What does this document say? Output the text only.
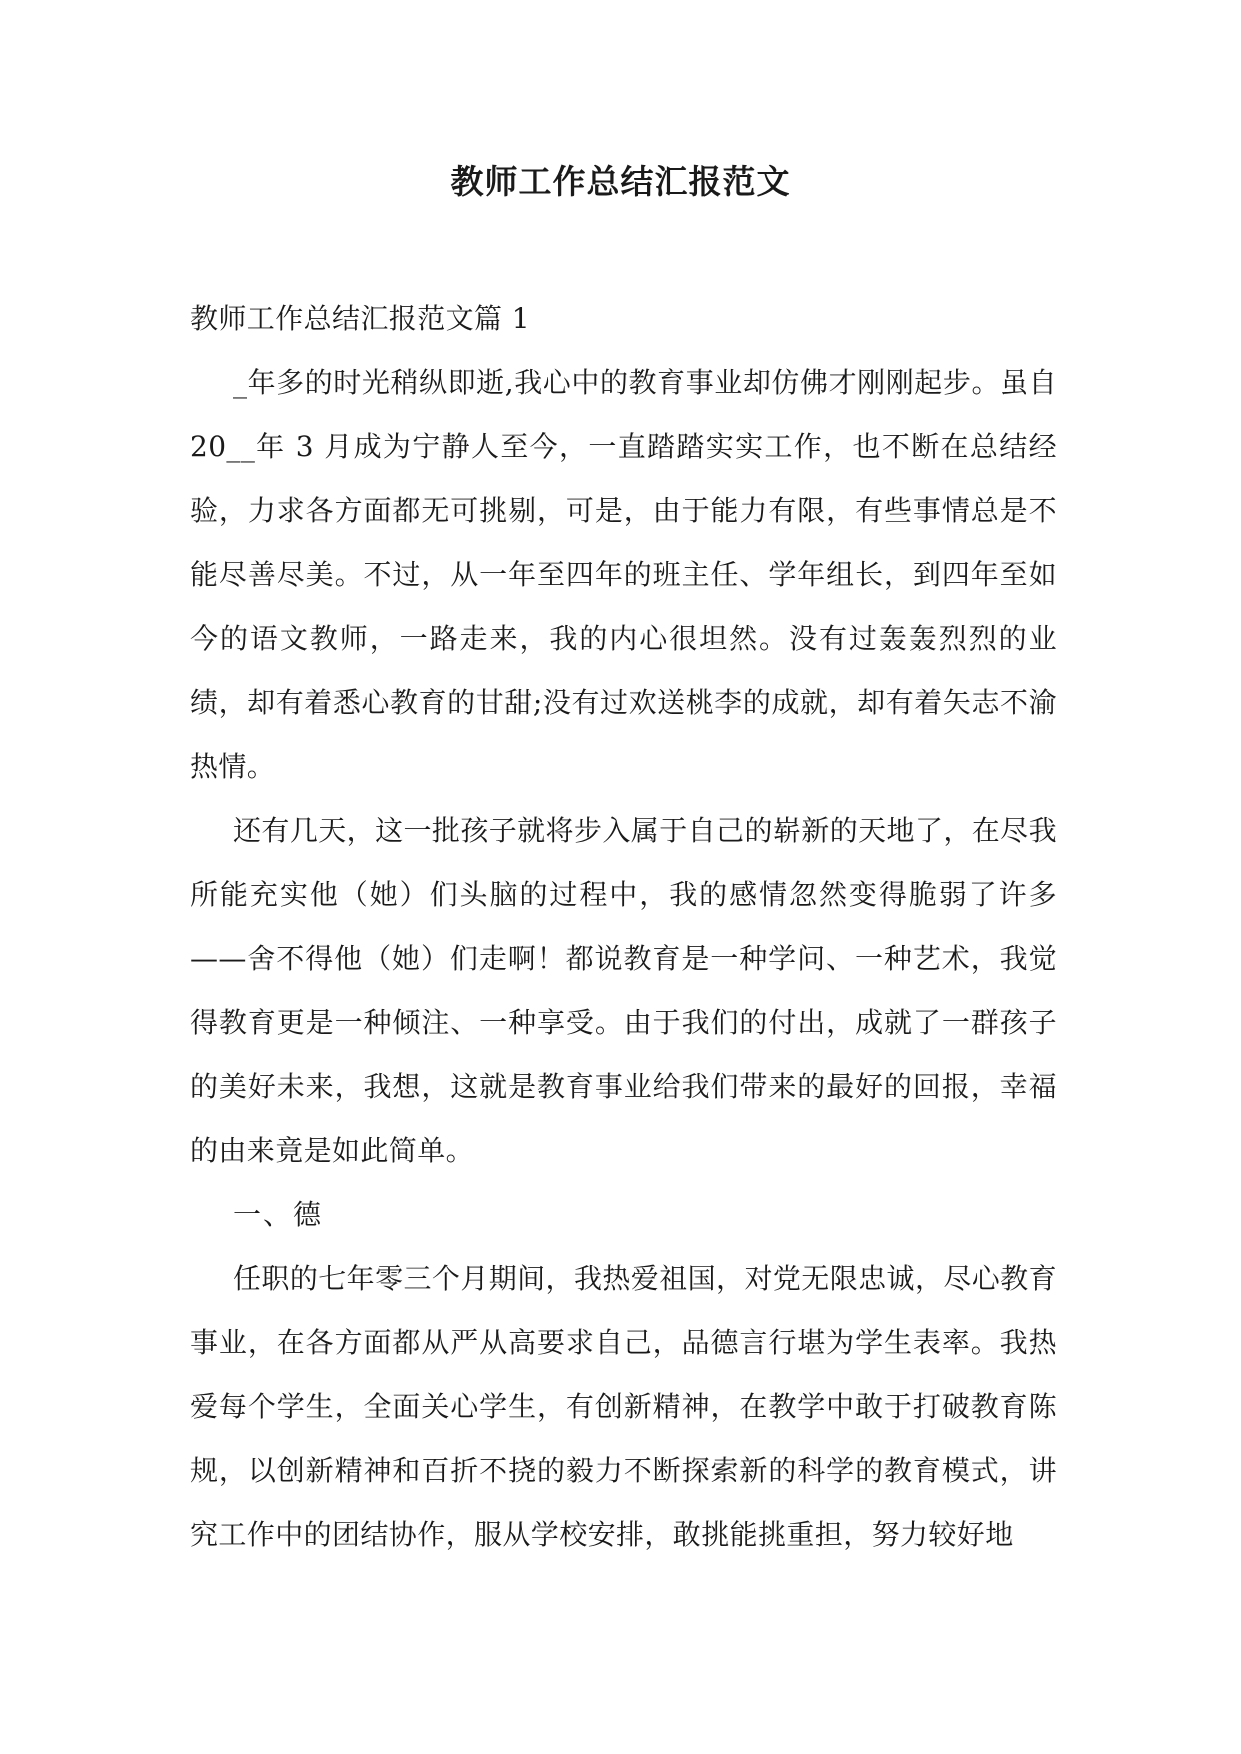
教师工作总结汇报范文

教师工作总结汇报范文篇 1

_年多的时光稍纵即逝,我心中的教育事业却仿佛才刚刚起步。虽自 20__年 3 月成为宁静人至今，一直踏踏实实工作，也不断在总结经验，力求各方面都无可挑剔，可是，由于能力有限，有些事情总是不能尽善尽美。不过，从一年至四年的班主任、学年组长，到四年至如今的语文教师，一路走来，我的内心很坦然。没有过轰轰烈烈的业绩，却有着悉心教育的甘甜;没有过欢送桃李的成就，却有着矢志不渝热情。

还有几天，这一批孩子就将步入属于自己的崭新的天地了，在尽我所能充实他（她）们头脑的过程中，我的感情忽然变得脆弱了许多——舍不得他（她）们走啊！都说教育是一种学问、一种艺术，我觉得教育更是一种倾注、一种享受。由于我们的付出，成就了一群孩子的美好未来，我想，这就是教育事业给我们带来的最好的回报，幸福的由来竟是如此简单。

一、德

任职的七年零三个月期间，我热爱祖国，对党无限忠诚，尽心教育事业，在各方面都从严从高要求自己，品德言行堪为学生表率。我热爱每个学生，全面关心学生，有创新精神，在教学中敢于打破教育陈规，以创新精神和百折不挠的毅力不断探索新的科学的教育模式，讲究工作中的团结协作，服从学校安排，敢挑能挑重担，努力较好地
